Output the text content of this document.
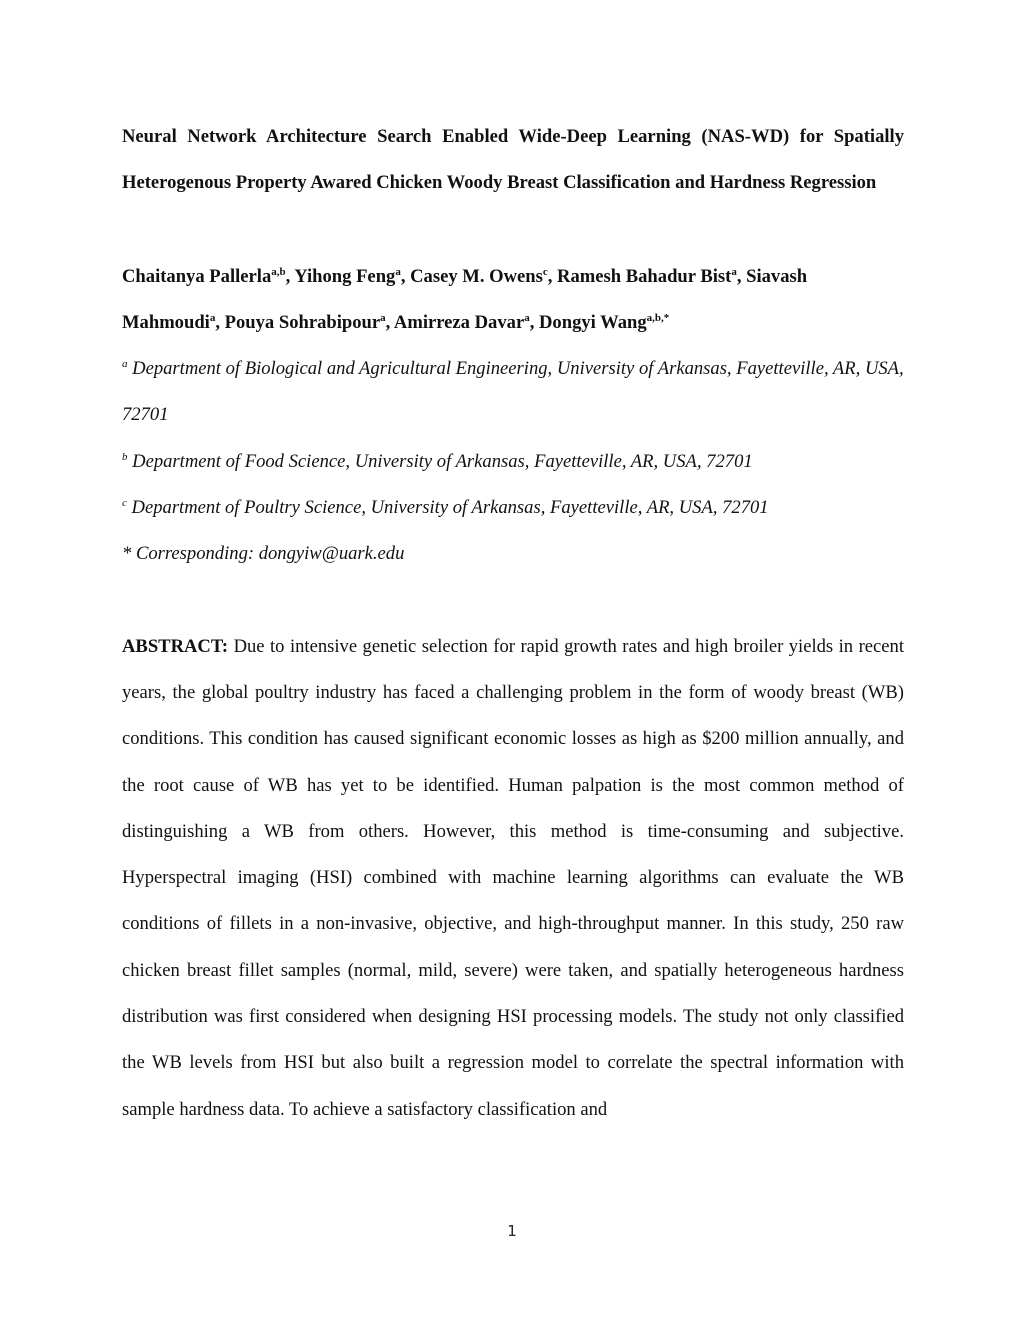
Neural Network Architecture Search Enabled Wide-Deep Learning (NAS-WD) for Spatially Heterogenous Property Awared Chicken Woody Breast Classification and Hardness Regression

Chaitanya Pallerla$^{a,b}$, Yihong Feng$^a$, Casey M. Owens$^c$, Ramesh Bahadur Bist$^a$, Siavash Mahmoudi$^a$, Pouya Sohrabipour$^a$, Amirreza Davar$^a$, Dongyi Wang$^{a,b,*}$
$^a$ Department of Biological and Agricultural Engineering, University of Arkansas, Fayetteville, AR, USA, 72701
$^b$ Department of Food Science, University of Arkansas, Fayetteville, AR, USA, 72701
$^c$ Department of Poultry Science, University of Arkansas, Fayetteville, AR, USA, 72701
* Corresponding: dongyiw@uark.edu

ABSTRACT: Due to intensive genetic selection for rapid growth rates and high broiler yields in recent years, the global poultry industry has faced a challenging problem in the form of woody breast (WB) conditions. This condition has caused significant economic losses as high as $200 million annually, and the root cause of WB has yet to be identified. Human palpation is the most common method of distinguishing a WB from others. However, this method is time-consuming and subjective. Hyperspectral imaging (HSI) combined with machine learning algorithms can evaluate the WB conditions of fillets in a non-invasive, objective, and high-throughput manner. In this study, 250 raw chicken breast fillet samples (normal, mild, severe) were taken, and spatially heterogeneous hardness distribution was first considered when designing HSI processing models. The study not only classified the WB levels from HSI but also built a regression model to correlate the spectral information with sample hardness data. To achieve a satisfactory classification and

1
